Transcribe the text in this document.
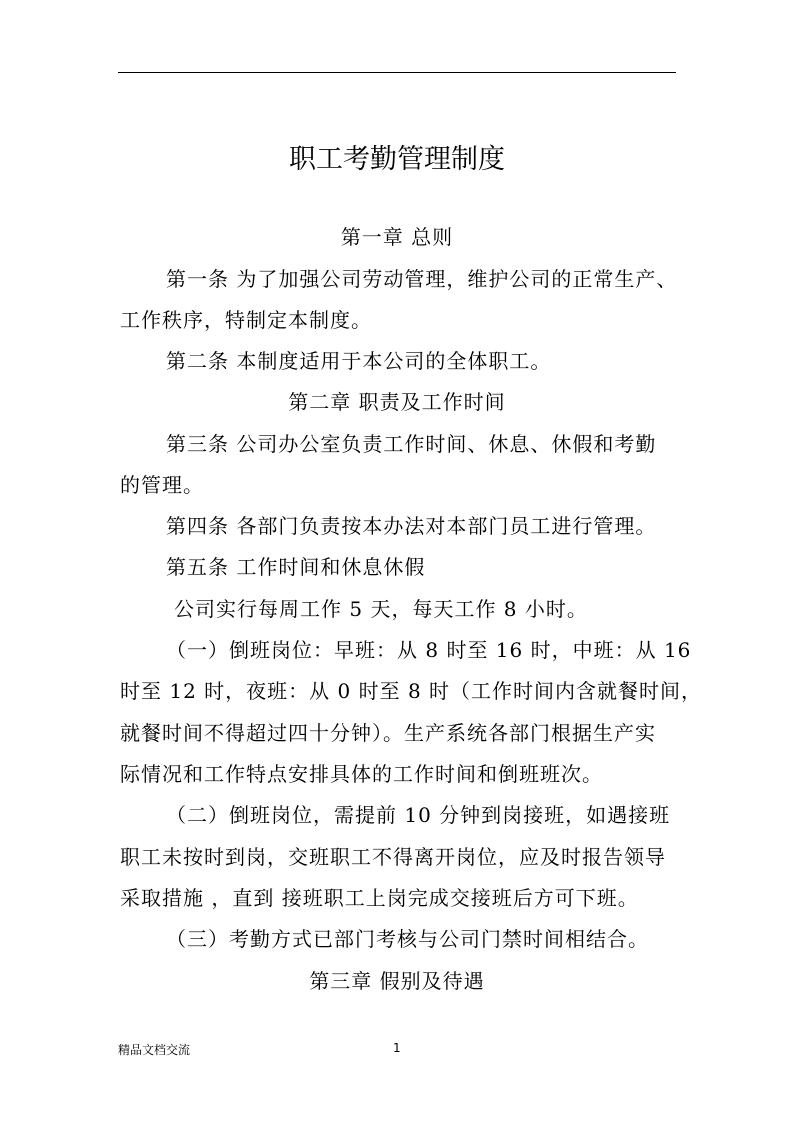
职工考勤管理制度
第一章 总则
第一条 为了加强公司劳动管理，维护公司的正常生产、
工作秩序，特制定本制度。
第二条 本制度适用于本公司的全体职工。
第二章 职责及工作时间
第三条 公司办公室负责工作时间、休息、休假和考勤
的管理。
第四条 各部门负责按本办法对本部门员工进行管理。
第五条 工作时间和休息休假
公司实行每周工作 5 天，每天工作 8 小时。
（一）倒班岗位：早班：从 8 时至 16 时，中班：从 16
时至 12 时，夜班：从 0 时至 8 时（工作时间内含就餐时间，
就餐时间不得超过四十分钟）。生产系统各部门根据生产实
际情况和工作特点安排具体的工作时间和倒班班次。
（二）倒班岗位，需提前 10 分钟到岗接班，如遇接班
职工未按时到岗，交班职工不得离开岗位，应及时报告领导
采取措施 ，直到 接班职工上岗完成交接班后方可下班。
（三）考勤方式已部门考核与公司门禁时间相结合。
第三章 假别及待遇
精品文档交流	1
